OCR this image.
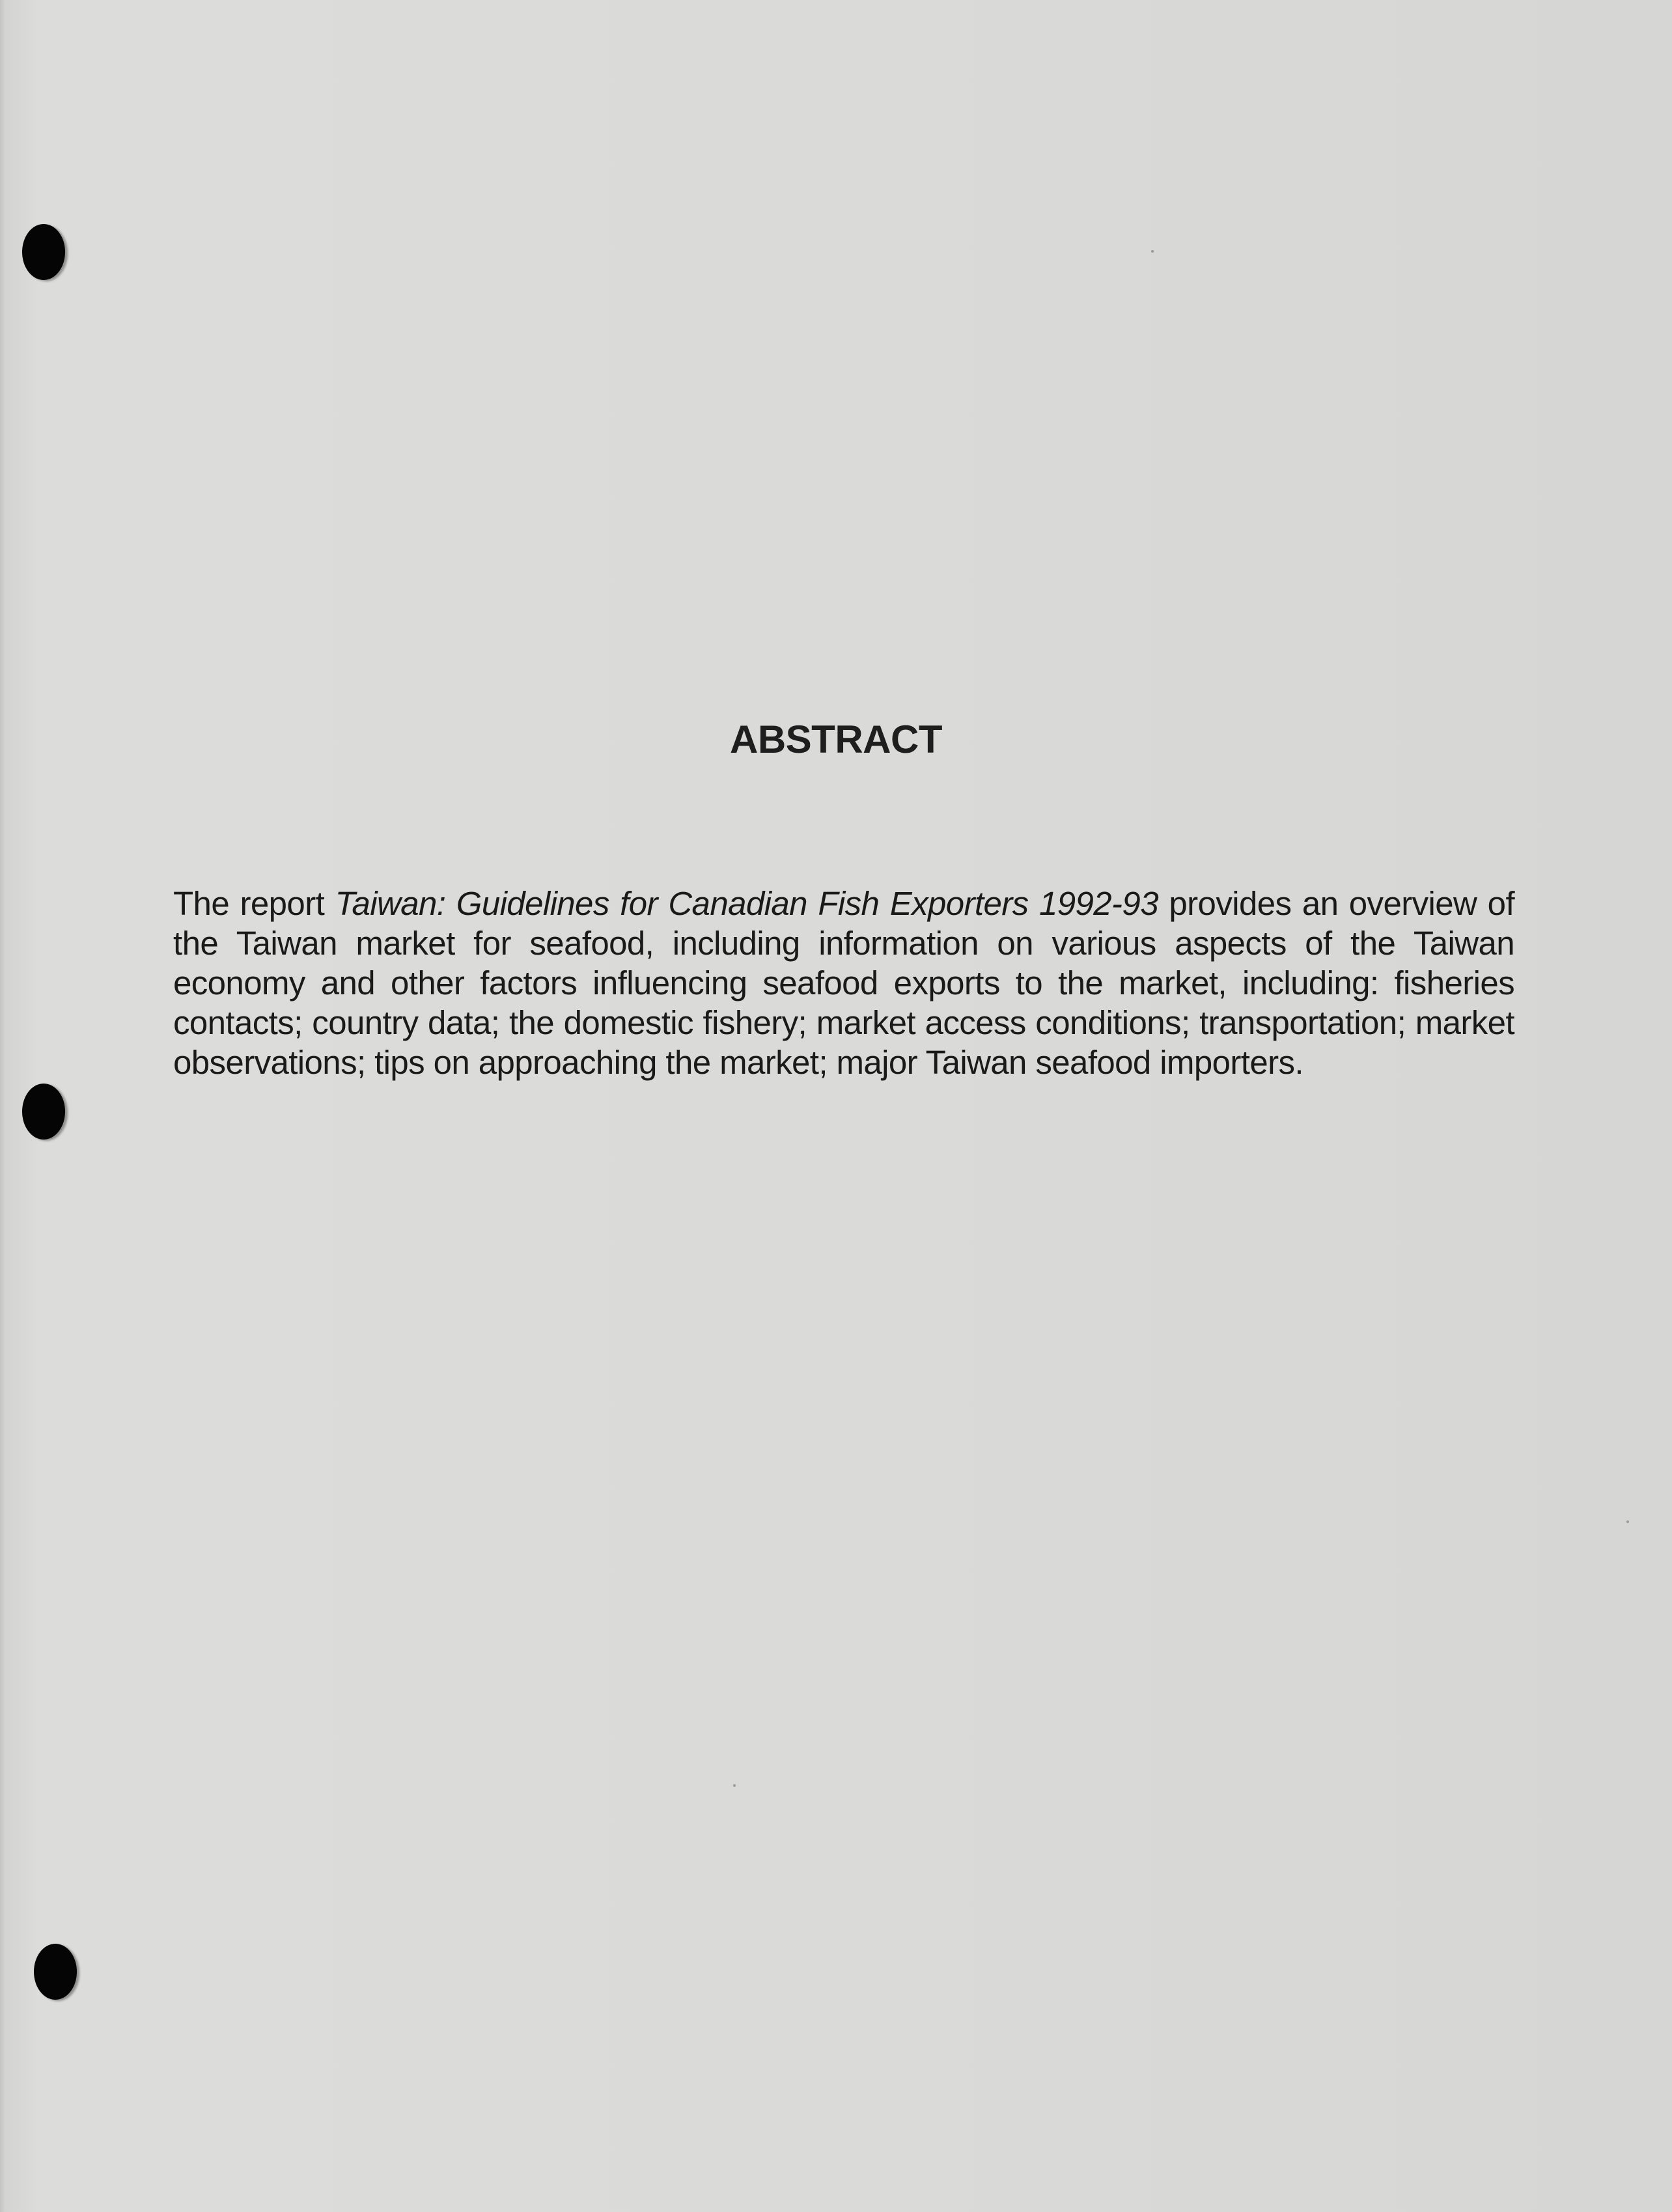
ABSTRACT
The report Taiwan: Guidelines for Canadian Fish Exporters 1992-93 provides an overview of the Taiwan market for seafood, including information on various aspects of the Taiwan economy and other factors influencing seafood exports to the market, including: fisheries contacts; country data; the domestic fishery; market access conditions; transportation; market observations; tips on approaching the market; major Taiwan seafood importers.
